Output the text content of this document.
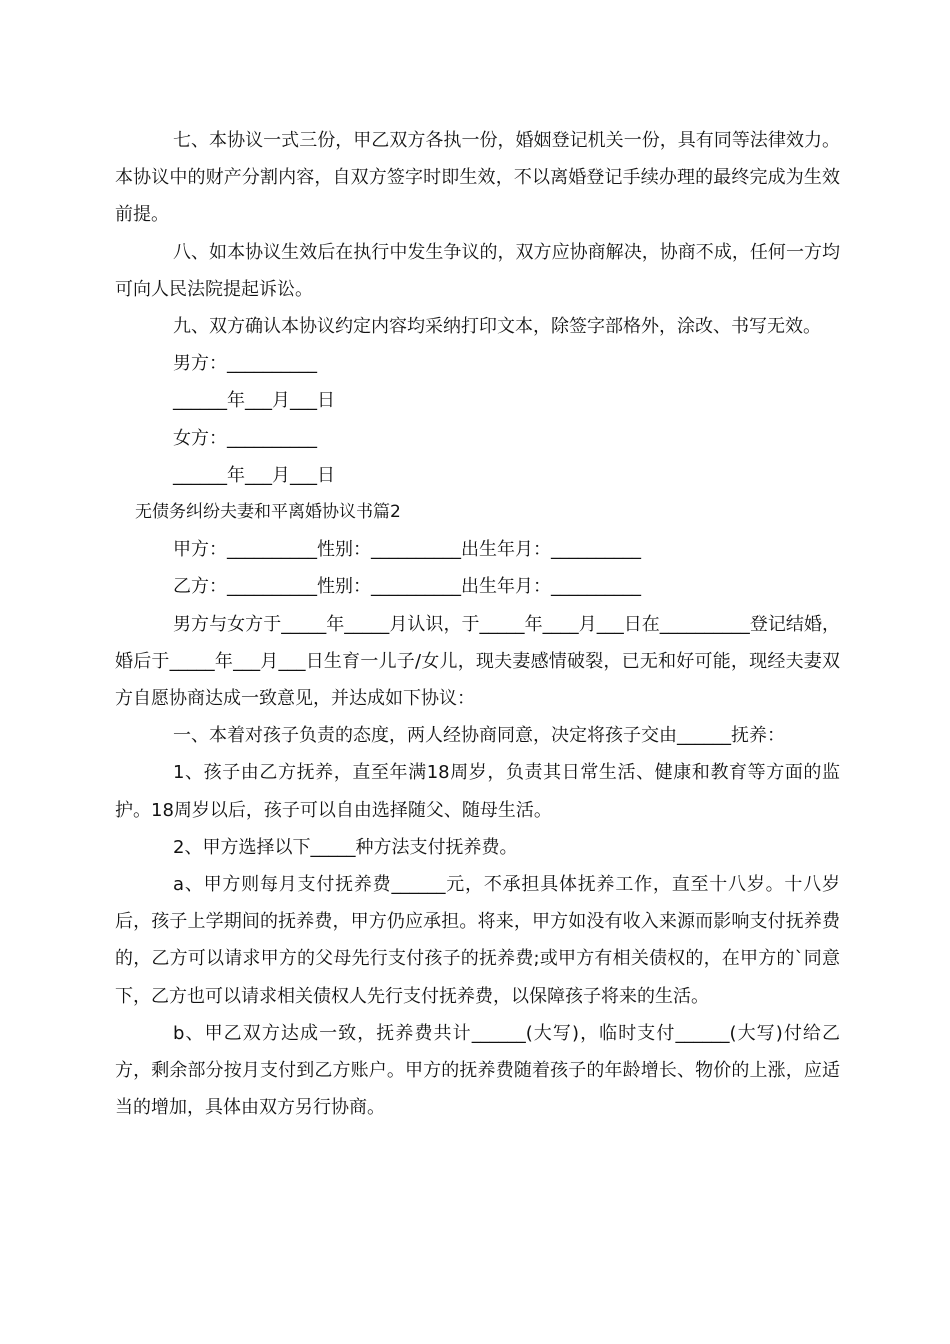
七、本协议一式三份，甲乙双方各执一份，婚姻登记机关一份，具有同等法律效力。本协议中的财产分割内容，自双方签字时即生效，不以离婚登记手续办理的最终完成为生效前提。

八、如本协议生效后在执行中发生争议的，双方应协商解决，协商不成，任何一方均可向人民法院提起诉讼。

九、双方确认本协议约定内容均采纳打印文本，除签字部格外，涂改、书写无效。

男方：__________

______年___月___日

女方：__________

______年___月___日

无债务纠纷夫妻和平离婚协议书篇2

甲方：__________性别：__________出生年月：__________

乙方：__________性别：__________出生年月：__________

男方与女方于_____年_____月认识，于_____年____月___日在__________登记结婚，婚后于_____年___月___日生育一儿子/女儿，现夫妻感情破裂，已无和好可能，现经夫妻双方自愿协商达成一致意见，并达成如下协议：

一、本着对孩子负责的态度，两人经协商同意，决定将孩子交由______抚养：

1、孩子由乙方抚养，直至年满18周岁，负责其日常生活、健康和教育等方面的监护。18周岁以后，孩子可以自由选择随父、随母生活。

2、甲方选择以下_____种方法支付抚养费。

a、甲方则每月支付抚养费______元，不承担具体抚养工作，直至十八岁。十八岁后，孩子上学期间的抚养费，甲方仍应承担。将来，甲方如没有收入来源而影响支付抚养费的，乙方可以请求甲方的父母先行支付孩子的抚养费;或甲方有相关债权的，在甲方的`同意下，乙方也可以请求相关债权人先行支付抚养费，以保障孩子将来的生活。

b、甲乙双方达成一致，抚养费共计______(大写)，临时支付______(大写)付给乙方，剩余部分按月支付到乙方账户。甲方的抚养费随着孩子的年龄增长、物价的上涨，应适当的增加，具体由双方另行协商。
